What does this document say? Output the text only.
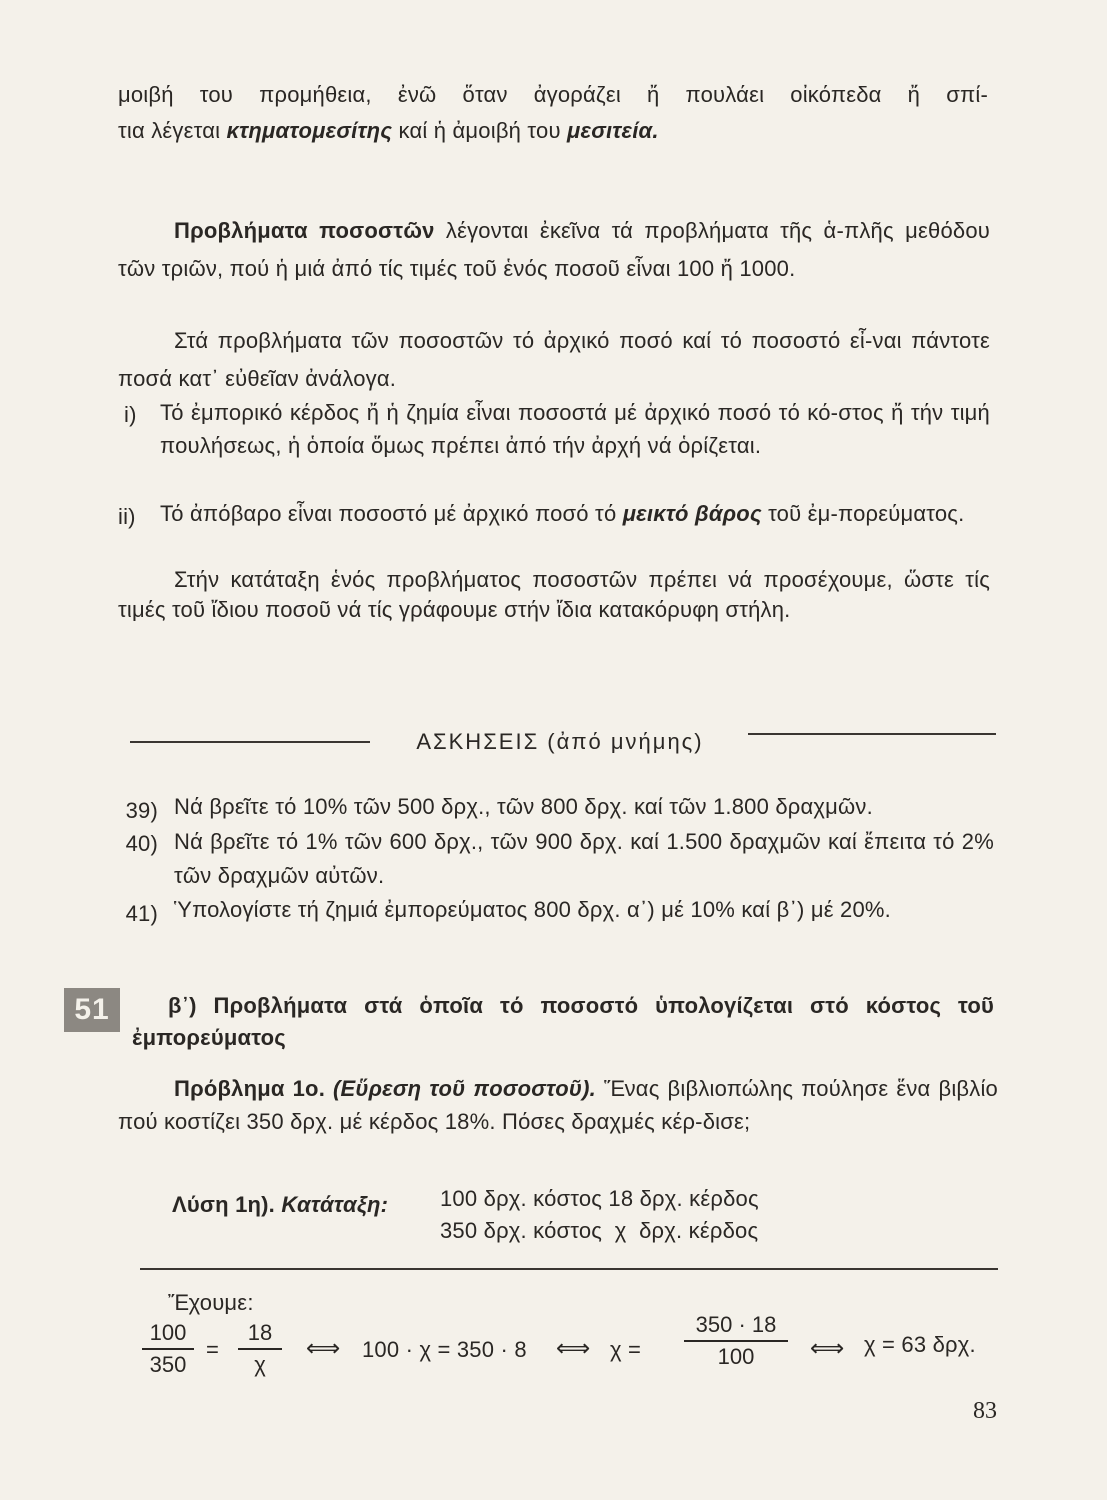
μοιβή του προμήθεια, ἐνῶ ὅταν ἀγοράζει ἤ πουλάει οἰκόπεδα ἤ σπί-
τια λέγεται κτηματομεσίτης καί ἡ ἀμοιβή του μεσιτεία.
Προβλήματα ποσοστῶν λέγονται ἐκεῖνα τά προβλήματα τῆς ἁ-πλῆς μεθόδου τῶν τριῶν, πού ἡ μιά ἀπό τίς τιμές τοῦ ἑνός ποσοῦ εἶναι 100 ἤ 1000.
Στά προβλήματα τῶν ποσοστῶν τό ἀρχικό ποσό καί τό ποσοστό εἶ-ναι πάντοτε ποσά κατ᾽ εὐθεῖαν ἀνάλογα.
i) Τό ἐμπορικό κέρδος ἤ ἡ ζημία εἶναι ποσοστά μέ ἀρχικό ποσό τό κό-στος ἤ τήν τιμή πουλήσεως, ἡ ὁποία ὅμως πρέπει ἀπό τήν ἀρχή νά ὁρίζεται.
ii) Τό ἀπόβαρο εἶναι ποσοστό μέ ἀρχικό ποσό τό μεικτό βάρος τοῦ ἐμ-πορεύματος.
Στήν κατάταξη ἑνός προβλήματος ποσοστῶν πρέπει νά προσέχουμε, ὥστε τίς τιμές τοῦ ἴδιου ποσοῦ νά τίς γράφουμε στήν ἴδια κατακόρυφη στήλη.
ΑΣΚΗΣΕΙΣ (ἀπό μνήμης)
39) Νά βρεῖτε τό 10% τῶν 500 δρχ., τῶν 800 δρχ. καί τῶν 1.800 δραχμῶν.
40) Νά βρεῖτε τό 1% τῶν 600 δρχ., τῶν 900 δρχ. καί 1.500 δραχμῶν καί ἔπειτα τό 2% τῶν δραχμῶν αὐτῶν.
41) Ὑπολογίστε τή ζημιά ἐμπορεύματος 800 δρχ. α᾽) μέ 10% καί β᾽) μέ 20%.
51	β᾽) Προβλήματα στά ὁποῖα τό ποσοστό ὑπολογίζεται στό κόστος τοῦ ἐμπορεύματος
Πρόβλημα 1ο. (Εὕρεση τοῦ ποσοστοῦ). Ἕνας βιβλιοπώλης πούλησε ἕνα βιβλίο πού κοστίζει 350 δρχ. μέ κέρδος 18%. Πόσες δραχμές κέρ-δισε;
Λύση 1η). Κατάταξη: 100 δρχ. κόστος 18 δρχ. κέρδος
350 δρχ. κόστος  χ  δρχ. κέρδος
Ἔχουμε:
$\frac{100}{350} = \frac{18}{\chi}$ ⟺ 100 · χ = 350 · 8 ⟺ $\chi = \frac{350 \cdot 18}{100}$ ⟺ χ = 63 δρχ.
83
